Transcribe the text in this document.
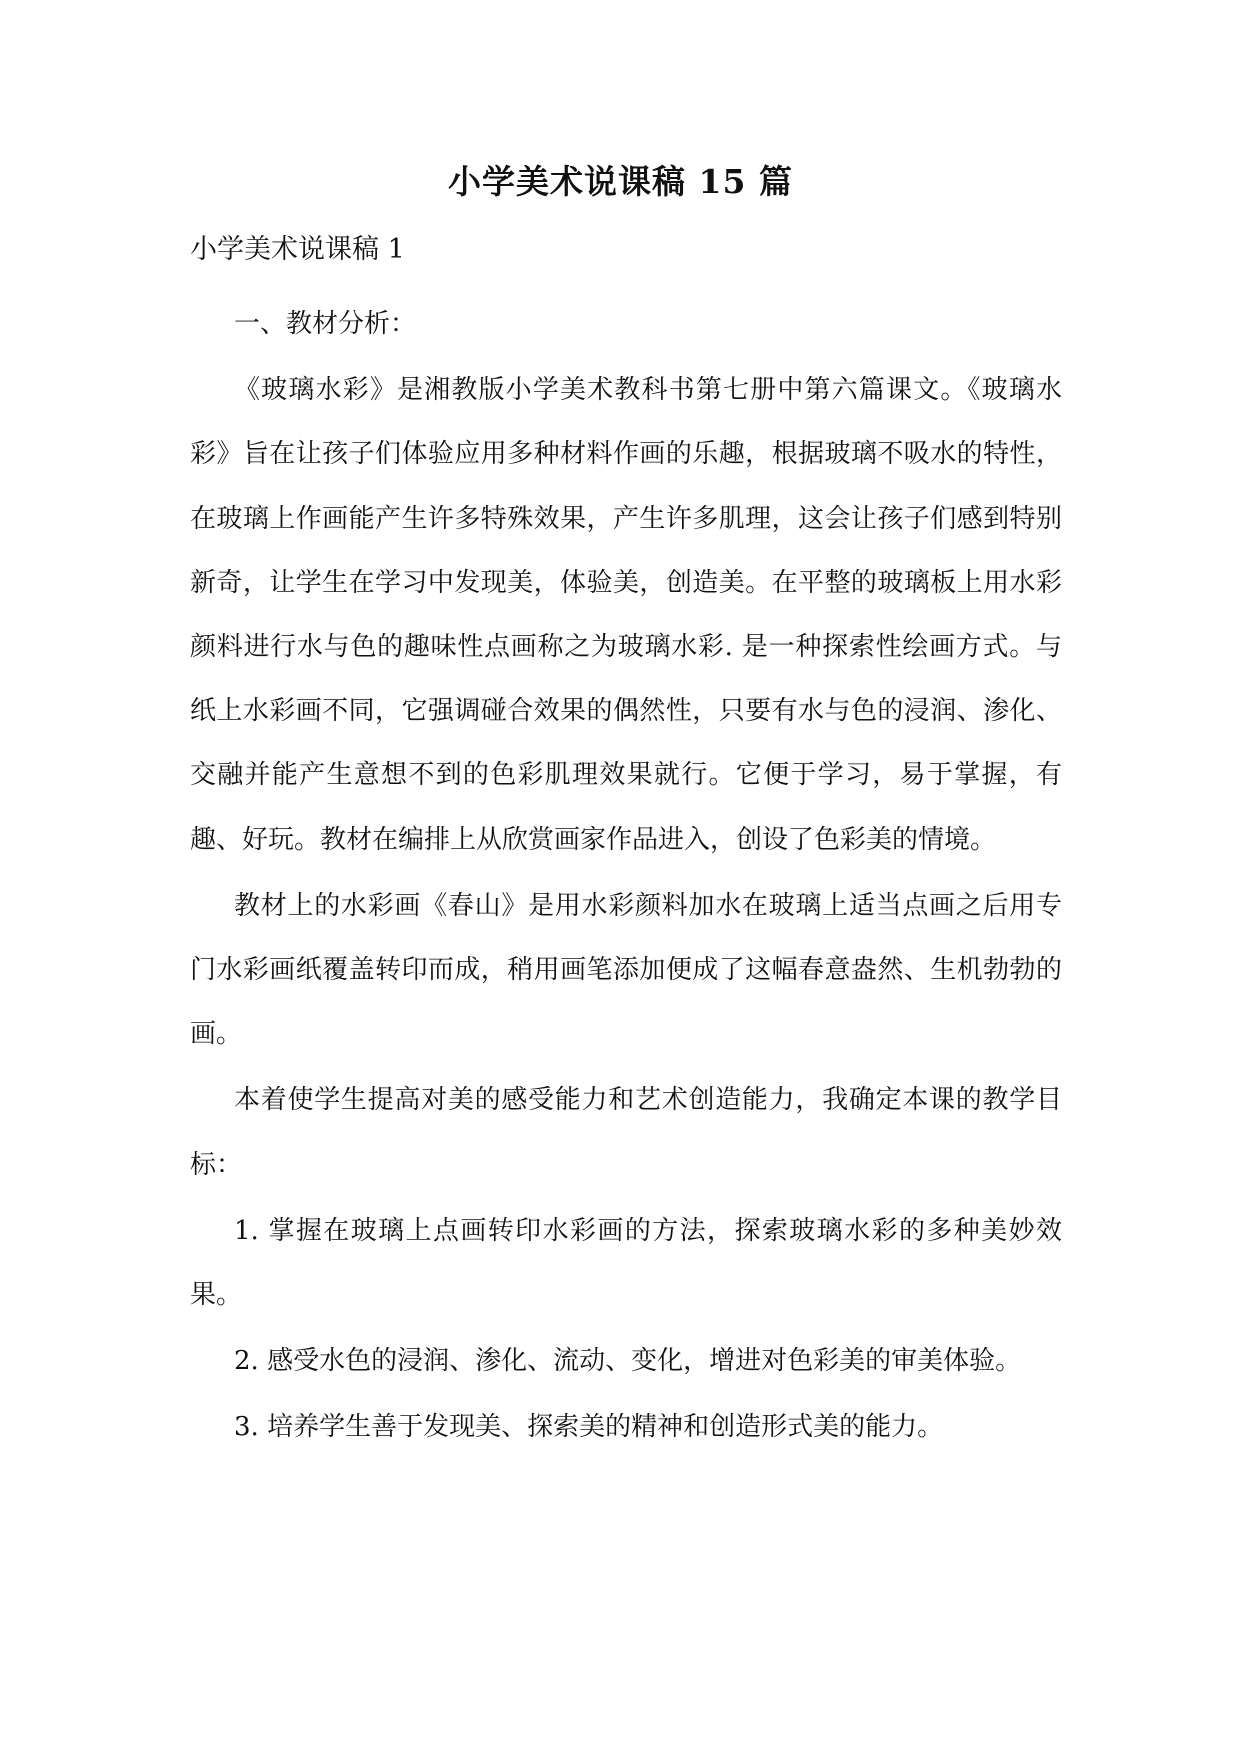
小学美术说课稿 15 篇
小学美术说课稿 1

一、教材分析：

《玻璃水彩》是湘教版小学美术教科书第七册中第六篇课文。《玻璃水彩》旨在让孩子们体验应用多种材料作画的乐趣，根据玻璃不吸水的特性，在玻璃上作画能产生许多特殊效果，产生许多肌理，这会让孩子们感到特别新奇，让学生在学习中发现美，体验美，创造美。在平整的玻璃板上用水彩颜料进行水与色的趣味性点画称之为玻璃水彩. 是一种探索性绘画方式。与纸上水彩画不同，它强调碰合效果的偶然性，只要有水与色的浸润、渗化、交融并能产生意想不到的色彩肌理效果就行。它便于学习，易于掌握，有趣、好玩。教材在编排上从欣赏画家作品进入，创设了色彩美的情境。

教材上的水彩画《春山》是用水彩颜料加水在玻璃上适当点画之后用专门水彩画纸覆盖转印而成，稍用画笔添加便成了这幅春意盎然、生机勃勃的画。

本着使学生提高对美的感受能力和艺术创造能力，我确定本课的教学目标：

1. 掌握在玻璃上点画转印水彩画的方法，探索玻璃水彩的多种美妙效果。

2. 感受水色的浸润、渗化、流动、变化，增进对色彩美的审美体验。

3. 培养学生善于发现美、探索美的精神和创造形式美的能力。
